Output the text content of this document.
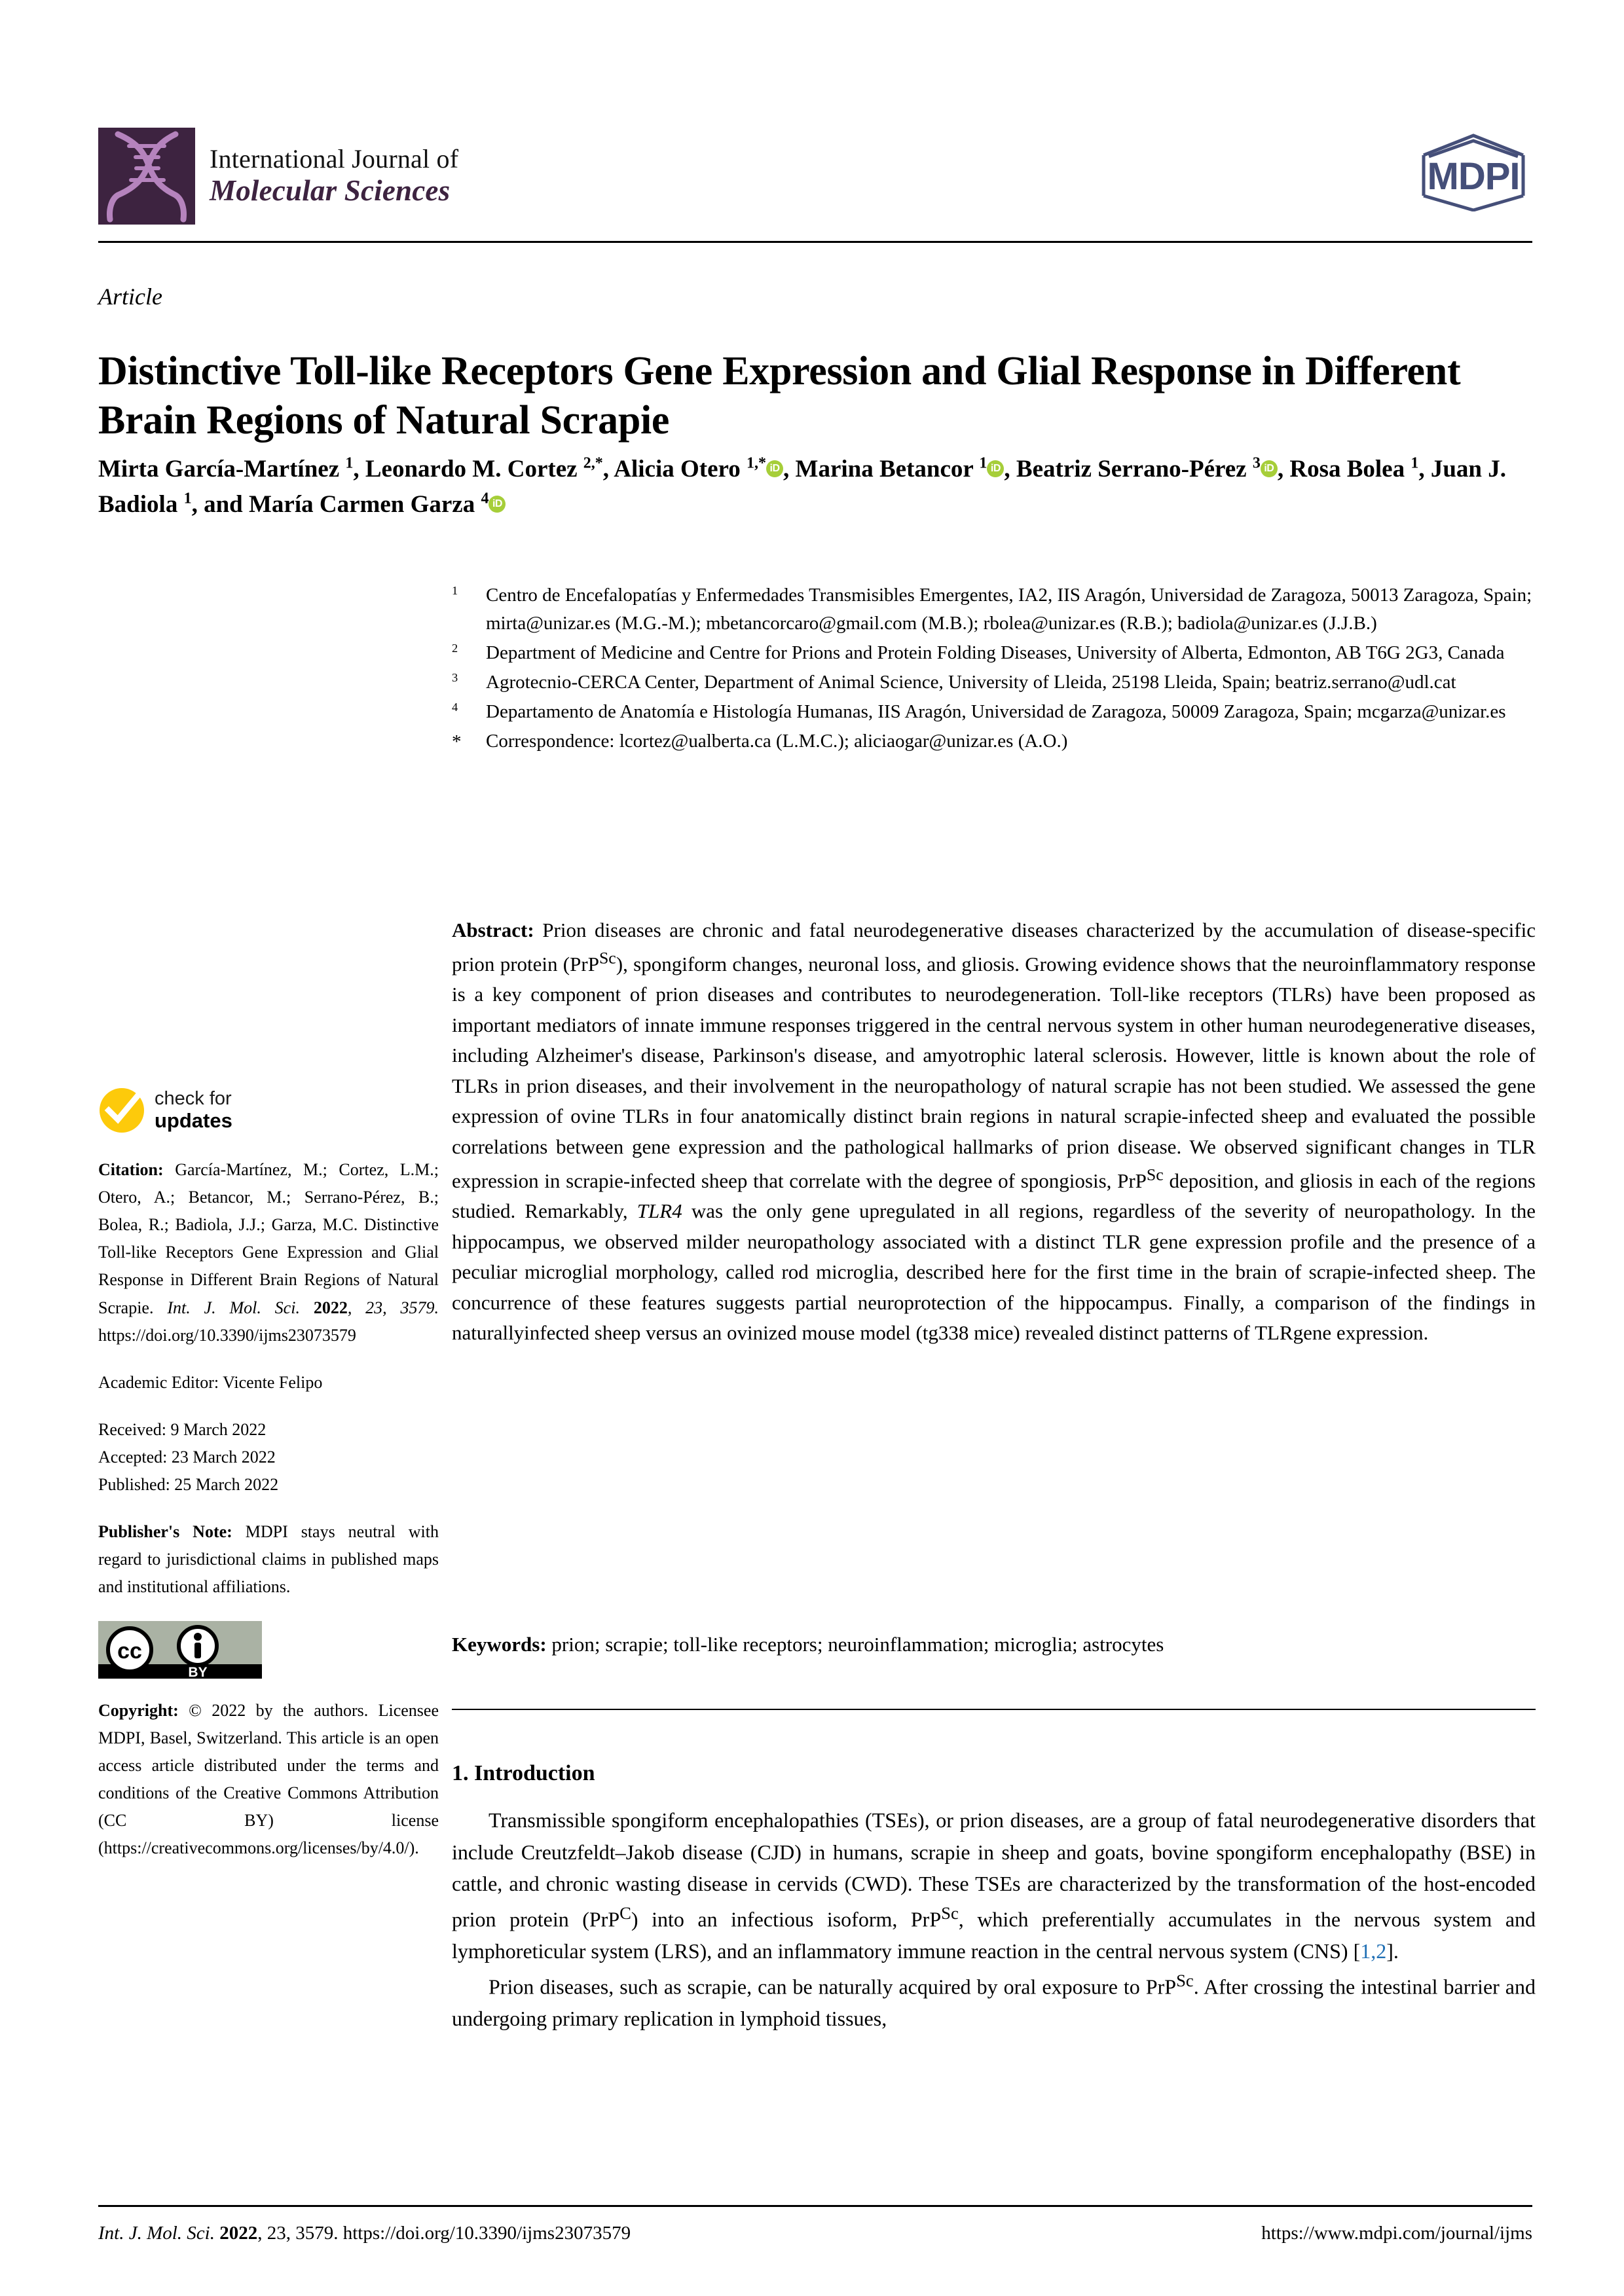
International Journal of
Molecular Sciences	MDPI
Article
Distinctive Toll-like Receptors Gene Expression and Glial Response in Different Brain Regions of Natural Scrapie
Mirta García-Martínez $^1$, Leonardo M. Cortez $^{2,*}$, Alicia Otero $^{1,*}$ iD , Marina Betancor $^1$ iD , Beatriz Serrano-Pérez $^3$ iD , Rosa Bolea $^1$, Juan J. Badiola $^1$, and María Carmen Garza $^4$ iD
$^1$	Centro de Encefalopatías y Enfermedades Transmisibles Emergentes, IA2, IIS Aragón, Universidad de Zaragoza, 50013 Zaragoza, Spain; mirta@unizar.es (M.G.-M.); mbetancorcaro@gmail.com (M.B.); rbolea@unizar.es (R.B.); badiola@unizar.es (J.J.B.)
$^2$	Department of Medicine and Centre for Prions and Protein Folding Diseases, University of Alberta, Edmonton, AB T6G 2G3, Canada
$^3$	Agrotecnio-CERCA Center, Department of Animal Science, University of Lleida, 25198 Lleida, Spain; beatriz.serrano@udl.cat
$^4$	Departamento de Anatomía e Histología Humanas, IIS Aragón, Universidad de Zaragoza, 50009 Zaragoza, Spain; mcgarza@unizar.es
*	Correspondence: lcortez@ualberta.ca (L.M.C.); aliciaogar@unizar.es (A.O.)
Abstract: Prion diseases are chronic and fatal neurodegenerative diseases characterized by the accumulation of disease-specific prion protein (PrP$^{Sc}$), spongiform changes, neuronal loss, and gliosis. Growing evidence shows that the neuroinflammatory response is a key component of prion diseases and contributes to neurodegeneration. Toll-like receptors (TLRs) have been proposed as important mediators of innate immune responses triggered in the central nervous system in other human neurodegenerative diseases, including Alzheimer's disease, Parkinson's disease, and amyotrophic lateral sclerosis. However, little is known about the role of TLRs in prion diseases, and their involvement in the neuropathology of natural scrapie has not been studied. We assessed the gene expression of ovine TLRs in four anatomically distinct brain regions in natural scrapie-infected sheep and evaluated the possible correlations between gene expression and the pathological hallmarks of prion disease. We observed significant changes in TLR expression in scrapie-infected sheep that correlate with the degree of spongiosis, PrP$^{Sc}$ deposition, and gliosis in each of the regions studied. Remarkably, TLR4 was the only gene upregulated in all regions, regardless of the severity of neuropathology. In the hippocampus, we observed milder neuropathology associated with a distinct TLR gene expression profile and the presence of a peculiar microglial morphology, called rod microglia, described here for the first time in the brain of scrapie-infected sheep. The concurrence of these features suggests partial neuroprotection of the hippocampus. Finally, a comparison of the findings in naturallyinfected sheep versus an ovinized mouse model (tg338 mice) revealed distinct patterns of TLRgene expression.
Keywords: prion; scrapie; toll-like receptors; neuroinflammation; microglia; astrocytes
1. Introduction

Transmissible spongiform encephalopathies (TSEs), or prion diseases, are a group of fatal neurodegenerative disorders that include Creutzfeldt–Jakob disease (CJD) in humans, scrapie in sheep and goats, bovine spongiform encephalopathy (BSE) in cattle, and chronic wasting disease in cervids (CWD). These TSEs are characterized by the transformation of the host-encoded prion protein (PrP$^C$) into an infectious isoform, PrP$^{Sc}$, which preferentially accumulates in the nervous system and lymphoreticular system (LRS), and an inflammatory immune reaction in the central nervous system (CNS) [1,2].

Prion diseases, such as scrapie, can be naturally acquired by oral exposure to PrP$^{Sc}$. After crossing the intestinal barrier and undergoing primary replication in lymphoid tissues,

check for
updates
Citation: García-Martínez, M.; Cortez, L.M.; Otero, A.; Betancor, M.; Serrano-Pérez, B.; Bolea, R.; Badiola, J.J.; Garza, M.C. Distinctive Toll-like Receptors Gene Expression and Glial Response in Different Brain Regions of Natural Scrapie. Int. J. Mol. Sci. 2022, 23, 3579. https://doi.org/10.3390/ijms23073579
Academic Editor: Vicente Felipo
Received: 9 March 2022
Accepted: 23 March 2022
Published: 25 March 2022
Publisher's Note: MDPI stays neutral with regard to jurisdictional claims in published maps and institutional affiliations.
cc
BY
Copyright: © 2022 by the authors. Licensee MDPI, Basel, Switzerland. This article is an open access article distributed under the terms and conditions of the Creative Commons Attribution (CC BY) license (https://creativecommons.org/licenses/by/4.0/).
Int. J. Mol. Sci. 2022, 23, 3579. https://doi.org/10.3390/ijms23073579	https://www.mdpi.com/journal/ijms
